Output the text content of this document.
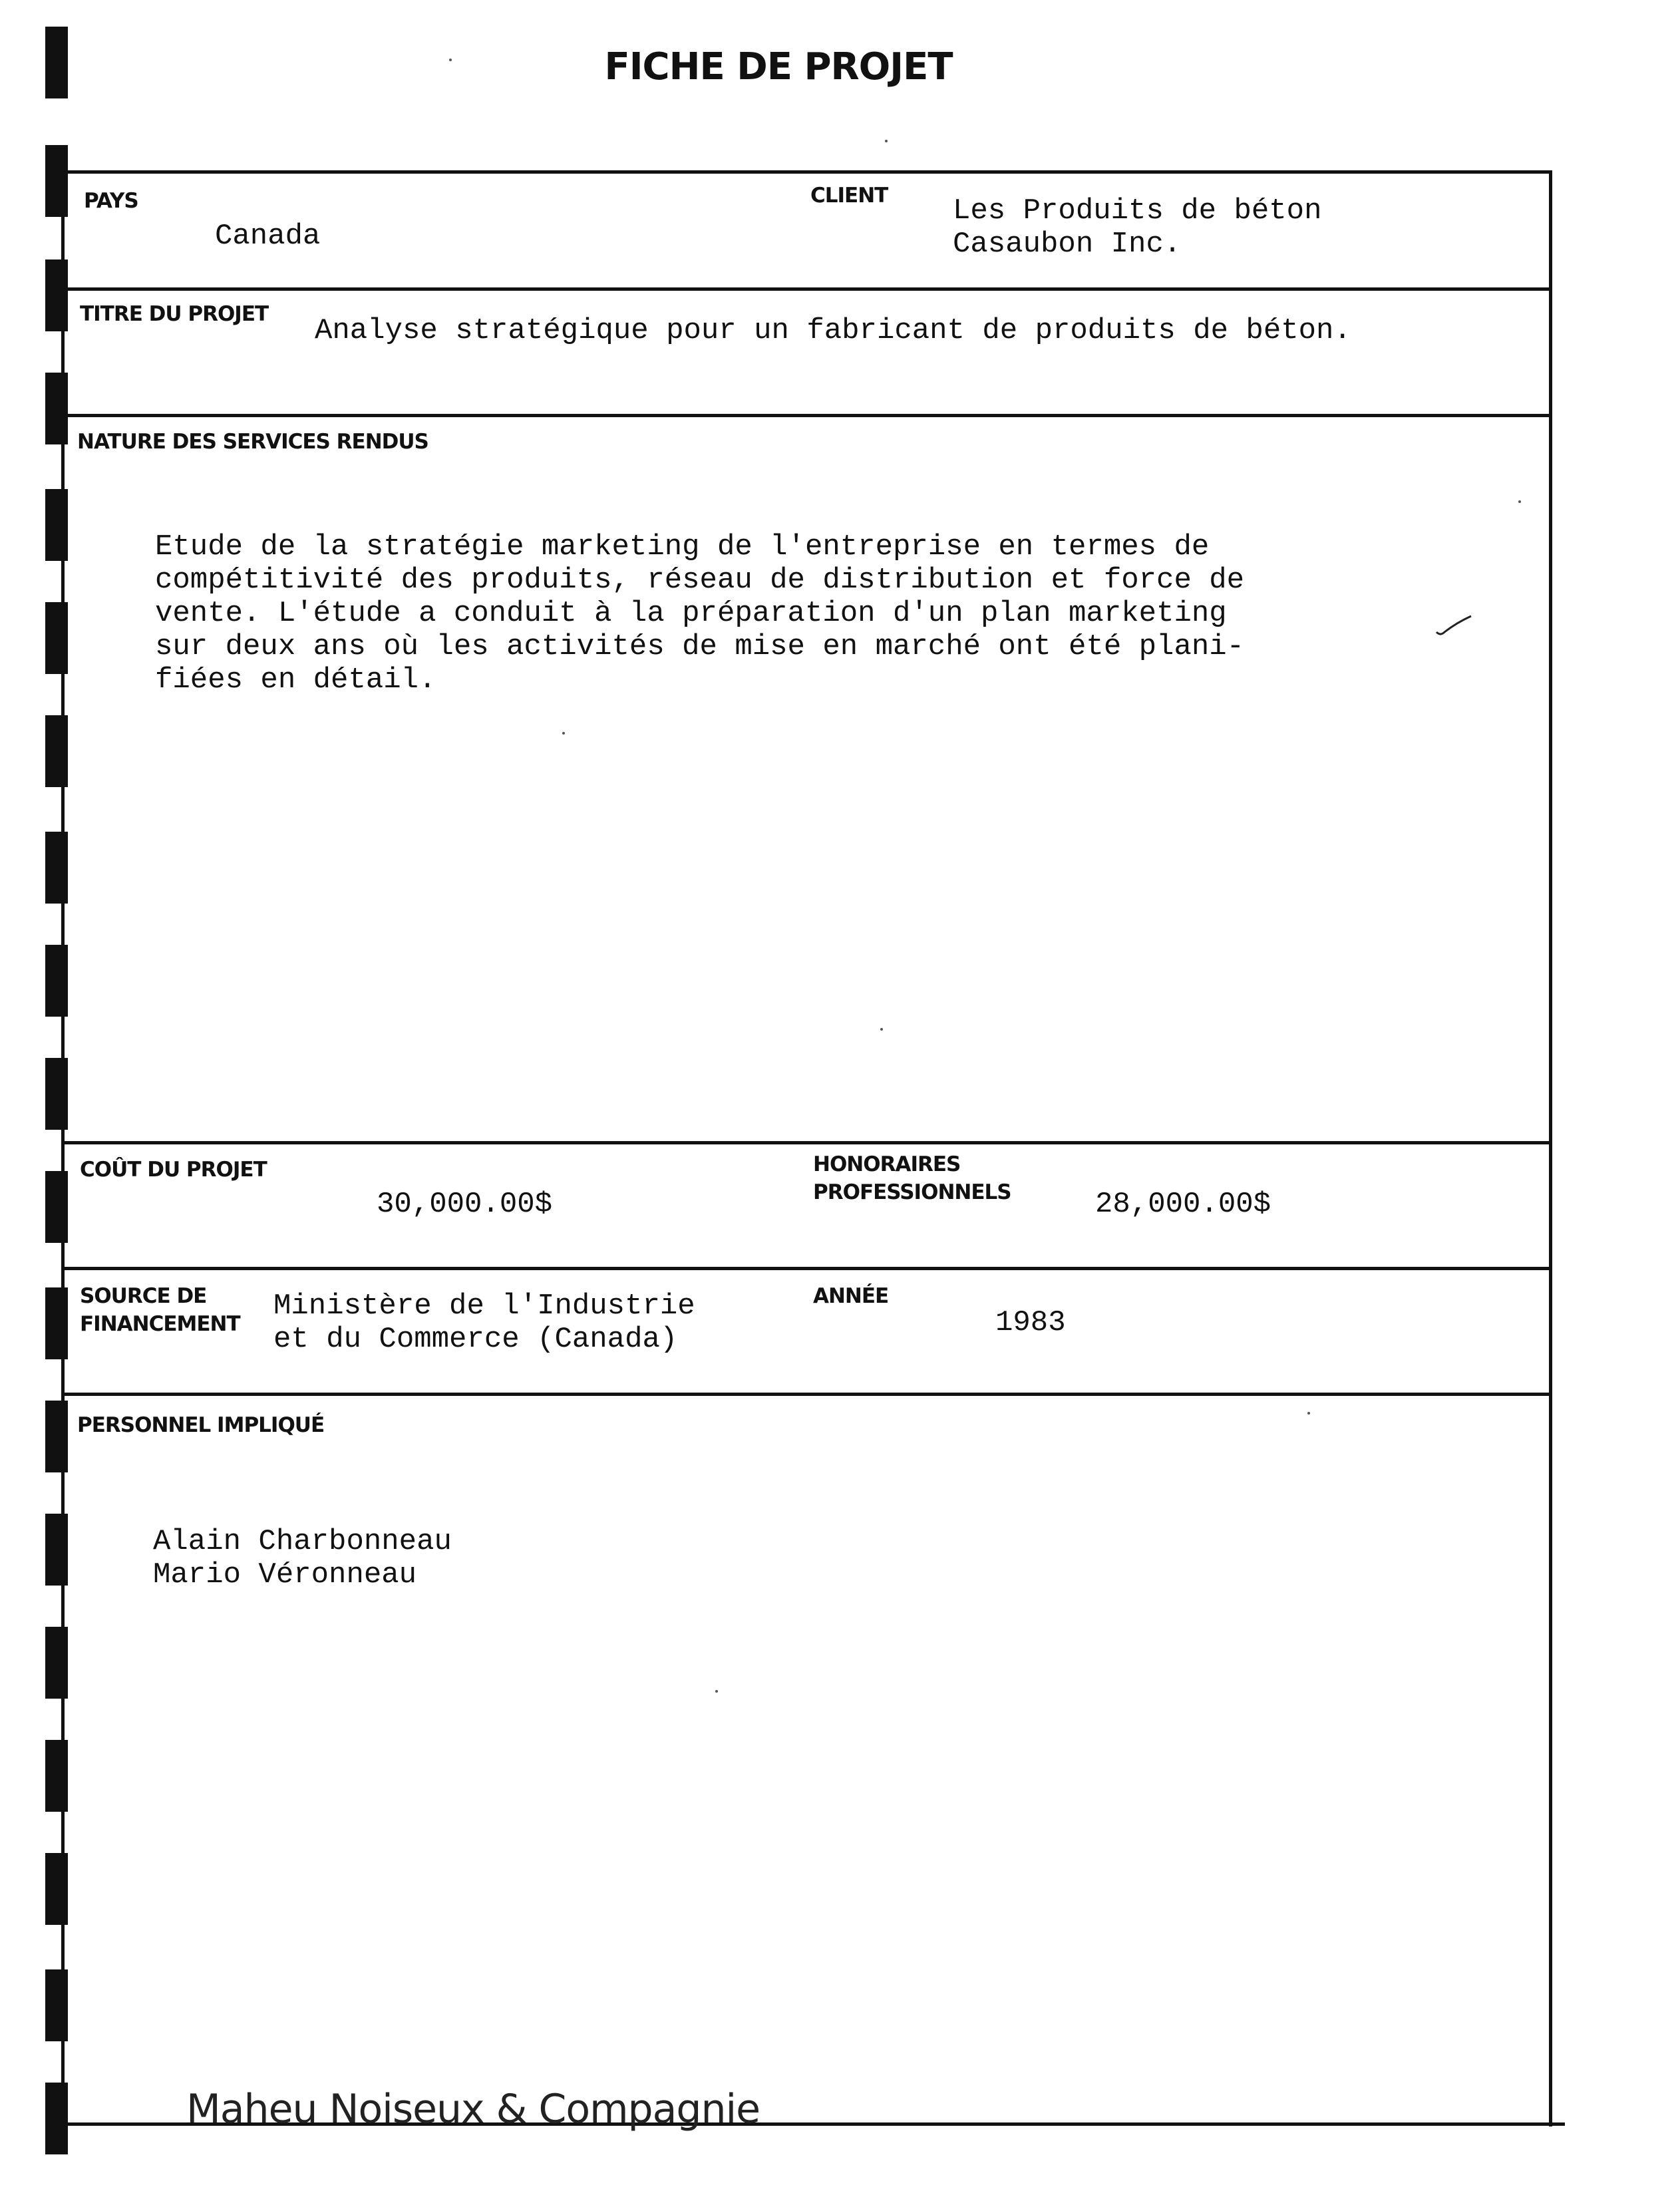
FICHE DE PROJET
PAYS
Canada
CLIENT Les Produits de béton
Casaubon Inc.
TITRE DU PROJET Analyse stratégique pour un fabricant de produits de béton.
NATURE DES SERVICES RENDUS
Etude de la stratégie marketing de l'entreprise en termes de
compétitivité des produits, réseau de distribution et force de
vente. L'étude a conduit à la préparation d'un plan marketing
sur deux ans où les activités de mise en marché ont été plani-
fiées en détail.
COÛT DU PROJET
30,000.00$
HONORAIRES
PROFESSIONNELS	28,000.00$
SOURCE DE
FINANCEMENT
Ministère de l'Industrie
et du Commerce (Canada)
ANNÉE
1983
PERSONNEL IMPLIQUÉ
Alain Charbonneau
Mario Véronneau
Maheu Noiseux & Compagnie
